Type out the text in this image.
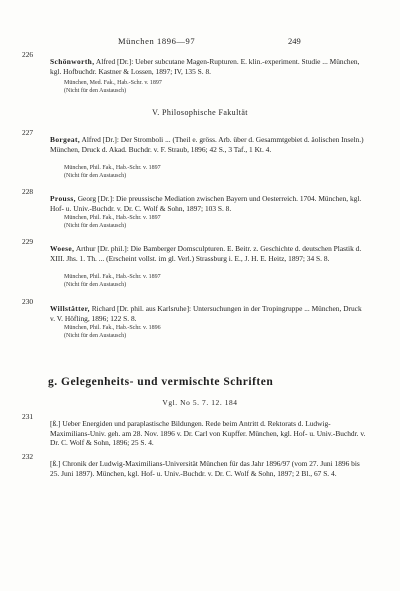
München 1896—97	249
226

Schönworth, Alfred [Dr.]: Ueber subcutane Magen-Rupturen. E. klin.-experiment. Studie ... München, kgl. Hofbuchdr. Kastner & Lossen, 1897; IV, 135 S. 8.

München, Med. Fak., Hab.-Schr. v. 1897
(Nicht für den Austausch)
V. Philosophische Fakultät
227

Borgeat, Alfred [Dr.]: Der Stromboli ... (Theil e. gröss. Arb. über d. Gesammtgebiet d. äolischen Inseln.) München, Druck d. Akad. Buchdr. v. F. Straub, 1896; 42 S., 3 Taf., 1 Kt. 4.

München, Phil. Fak., Hab.-Schr. v. 1897
(Nicht für den Austausch)
228

Prouss, Georg [Dr.]: Die preussische Mediation zwischen Bayern und Oesterreich. 1704. München, kgl. Hof- u. Univ.-Buchdr. v. Dr. C. Wolf & Sohn, 1897; 103 S. 8.

München, Phil. Fak., Hab.-Schr. v. 1897
(Nicht für den Austausch)
229

Woese, Arthur [Dr. phil.]: Die Bamberger Domsculpturen. E. Beitr. z. Geschichte d. deutschen Plastik d. XIII. Jhs. 1. Th. ... (Erscheint vollst. im gl. Verl.) Strassburg i. E., J. H. E. Heitz, 1897; 34 S. 8.

München, Phil. Fak., Hab.-Schr. v. 1897
(Nicht für den Austausch)
230

Willstätter, Richard [Dr. phil. aus Karlsruhe]: Untersuchungen in der Tropingruppe ... München, Druck v. V. Höfling, 1896; 122 S. 8.

München, Phil. Fak., Hab.-Schr. v. 1896
(Nicht für den Austausch)
g. Gelegenheits- und vermischte Schriften
Vgl. No 5. 7. 12. 184
231

[ß.] Ueber Energiden und paraplastische Bildungen. Rede beim Antritt d. Rektorats d. Ludwig-Maximilians-Univ. geh. am 28. Nov. 1896 v. Dr. Carl von Kupffer. München, kgl. Hof- u. Univ.-Buchdr. v. Dr. C. Wolf & Sohn, 1896; 25 S. 4.

232

[ß.] Chronik der Ludwig-Maximilians-Universität München für das Jahr 1896/97 (vom 27. Juni 1896 bis 25. Juni 1897). München, kgl. Hof- u. Univ.-Buchdr. v. Dr. C. Wolf & Sohn, 1897; 2 Bl., 67 S. 4.
